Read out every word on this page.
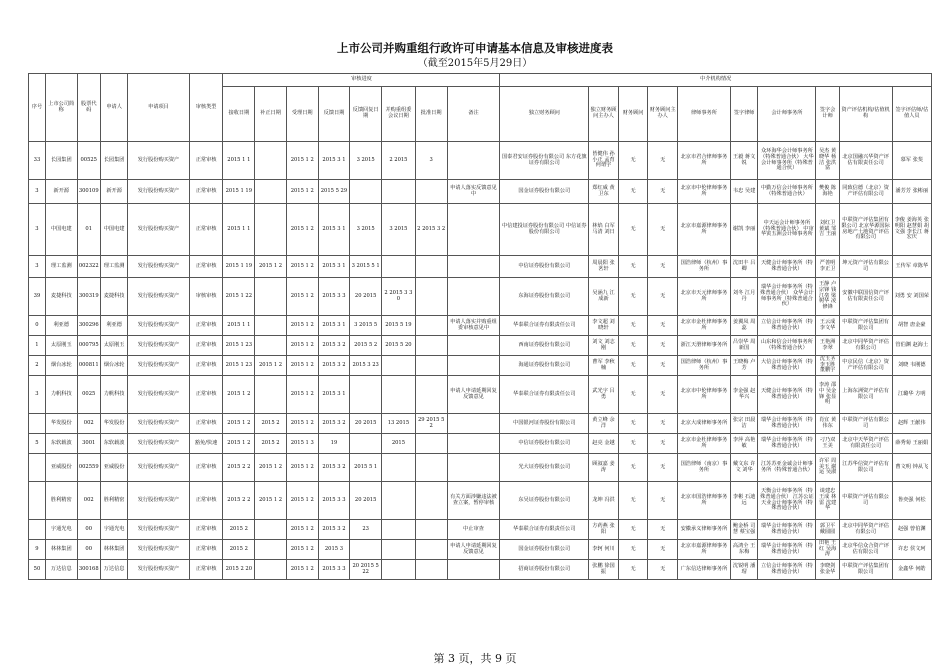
上市公司并购重组行政许可申请基本信息及审核进度表
（截至2015年5月29日）
序号	上市公司简称	股票代码	申请人	申请项目	审核类型	审核进度								中介机构情况									
						接收日期	补正日期	受理日期	反馈日期	反馈回复日期	并购重组委会议日期	批准日期	备注	独立财务顾问	独立财务顾问主办人	财务顾问	财务顾问主办人	律师事务所	签字律师	会计师事务所	签字会计师	资产评估机构/估值机构	签字评估师/估值人员
33	长园集团	00525	长园集团	发行股份购买资产	正常审核	2015 1 1		2015 1 2	2015 3 1	3 2015	2 2015	3		国泰君安证券股份有限公司 东方花旗证券有限公司	皆健伟 孙小正 孟育 何谓宇	无	无	北京市君合律师事务所	王毅 蒋文锐	众环海华会计师事务所（特殊普通合伙） 大华会计师事务所（特殊普通合伙）	吴杰 黄晓华 杨洁 张洪富	北京国融兴华资产评估有限责任公司	慕军 张斐
3	新开源	300109	新开源	发行股份购买资产	正常审核	2015 1 19		2015 1 2	2015 5 29				申请人落实反馈意见中	国金证券股份有限公司	郑红威 黄卫东	无	无	北京市中伦律师事务所	韦忠 吴建	中勤万信会计师事务所（特殊普通合伙）	樊俊 陈海艳	同致信德（北京）资产评估有限公司	潘芳芳 张彬丽
3	中国电建	01	中国电建	发行股份购买资产	正常审核	2015 1 1		2015 1 2	2015 3 1	3 2015	3 2015	2 2015 3 2		中信建投证券股份有限公司 中信证券股份有限公司	林焰 白军 马清 刘日	无	无	北京市嘉源律师事务所	谢凯 李丽	中天运会计师事务所（特殊普通合伙） 中审华寅五洲会计师事务所	刘红卫 黄斌 邹吉 王丽	中联资产评估集团有限公司 北京华源国际房地产土地资产评估有限公司	李俊 姜海英 张明阳 赵慧娟 胡文强 李长江 蒋宏庆
3	理工监测	002322	理工监测	发行股份购买资产	正常审核	2015 1 19	2015 1 2	2015 1 2	2015 3 1	3 2015 5 1				中信证券股份有限公司	周晨阳 张茗轩	无	无	国浩律师（杭州）事务所	沈田丰 吕卿	天健会计师事务所（特殊普通合伙）	严善明 李正卫	坤元资产评估有限公司	王传军 章陈华
39	麦捷科技	300319	麦捷科技	发行股份购买资产	审核审核	2015 1 22		2015 1 2	2015 3 3	20 2015	2 2015 3 30			东海证券股份有限公司	吴涵九 江成新	无	无	北京市天元律师事务所	刘冬 江月丹	瑞华会计师事务所（特殊普通合伙） 众华会计师事务所（特殊普通合伙）	王静 卢宗锋 钱江垒 梁树华 凌修锋	安徽中联国信资产评估有限责任公司	刘勇 安 刘国荣
0	利亚德	300296	利亚德	发行股份购买资产	正常审核	2015 1 1		2015 1 2	2015 3 1	3 2015 5	2015 5 19		申请人落实并购重组委审核意见中	华泰联合证券有限责任公司	李文超 刘晓轩	无	无	北京市金杜律师事务所	姜翼凤 周蕊	立信会计师事务所（特殊普通合伙）	王云成 李文华	中联资产评估集团有限公司	胡智 唐金豪
1	太原刚玉	000795	太原刚玉	发行股份购买资产	正常审核	2015 1 23		2015 1 2	2015 3 2	2015 5 2	2015 5 20			西南证券股份有限公司	刘文 刘志刚	无	无	浙江天册律师事务所	吕崇华 周新国	山东和信会计师事务所（特殊普通合伙）	王艳洲 李翠	北京中同华资产评估有限公司	管伯渊 赵海土
2	烟台冰轮	000811	烟台冰轮	发行股份购买资产	正常审核	2015 1 23	2015 1 2	2015 1 2	2015 3 2	2015 3 23				海通证券股份有限公司	曹军 李秋楠	无	无	国浩律师（杭州）事务所	王晓梅 卢芳	大信会计师事务所（特殊普通合伙）	沈玉圣 李玉胜 董鹏宇	中京民信（北京）资产评估有限公司	刘晓 韦刚德
3	力帆科技	0025	力帆科技	发行股份购买资产	正常审核	2015 1 2		2015 1 2	2015 3 1				申请人申请延期回复反馈意见	华泰联合证券有限责任公司	武光宇 吕勇	无	无	北京市中伦律师事务所	李金强 赵华兴	天健会计师事务所（特殊普通合伙）	李涛 邵中 吴金锋 张显明	上海东洲资产评估有限公司	江璐华 方明
	华发股份	002	华发股份	发行股份购买资产	正常审核	2015 1 2	2015 2	2015 1 2	2015 3 2	20 2015	13 2015	29 2015 5 2		中国银河证券股份有限公司	黄立峰 余洋	无	无	北京大成律师事务所	张宗 田晨洁	瑞华会计师事务所（特殊普通合伙）	肖宜 黄伟东	中联资产评估有限公司	赵辉 王献伟
5	东软载波	3001	东软载波	发行股份购买资产	豁免/快速	2015 1 2	2015 2	2015 1 3	19		2015			中信证券股份有限公司	赵亮 金越	无	无	北京市金杜律师事务所	李萍 高艳敏	瑞华会计师事务所（特殊普通合伙）	刁乃双 王美	北京中天华资产评估有限责任公司	薛秀菊 王丽娟
	亚威股份	002559	亚威股份	发行股份购买资产	正常审核	2015 2 2	2015 1 2	2015 1 2	2015 3 2	2015 5 1				光大证券股份有限公司	顾叙嘉 姜涛	无	无	国浩律师（南京）事务所	戴文东 许文 刘华	江苏苏亚金诚会计师事务所（特殊普通合伙）	许军 周美玉 谢运 吴淑	江苏华信资产评估有限公司	曹文明 钟从飞
	胜利精密	002	胜利精密	发行股份购买资产	正常审核	2015 2 2	2015 1 2	2015 1 2	2015 3 3	20 2015			有关方面涉嫌违法被查立案，暂停审核	东吴证券股份有限公司	龙坤 冯洪	无	无	北京市国浩律师事务所	李彬 石迪远	天衡会计师事务所（特殊普通合伙） 江苏公证天业会计师事务所（特殊普通合伙）	谈建忠 王成 林雷 沈建华	中联资产评估有限公司	鲁奕强 何松
	宇通光电	00	宇通光电	发行股份购买资产	正常审核	2015 2		2015 1 2	2015 3 2	23			中止审查	华泰联合证券有限责任公司	方药燕 张阳	无	无	安徽承义律师事务所	鲍金桥 司慧 蔡宝强	瑞华会计师事务所（特殊普通合伙）	郭卫平 戴圆圆	北京中同华资产评估有限公司	赵强 曾伯渊
9	林林集团	00	林林集团	发行股份购买资产	正常审核	2015 2		2015 1 2	2015 3				申请人申请延期回复反馈意见	国金证券股份有限公司	李轲 何川	无	无	北京市嘉源律师事务所	高鸿全 王东梅	瑞华会计师事务所（特殊普通合伙）	田艳 王红 吴海涛	北京华信众合资产评估有限公司	许忠 侯文珂
50	万达信息	300168	万达信息	发行股份购买资产	正常审核	2015 2 20		2015 1 2	2015 3 3	20 2015 5 22				招商证券股份有限公司	张鹏 徐国振	无	无	广东信达律师事务所	沈锐明 潘瑁	立信会计师事务所（特殊普通合伙）	李晓剑 张金华	中联资产评估集团有限公司	金鑫华 何皓
第 3 页，共 9 页
